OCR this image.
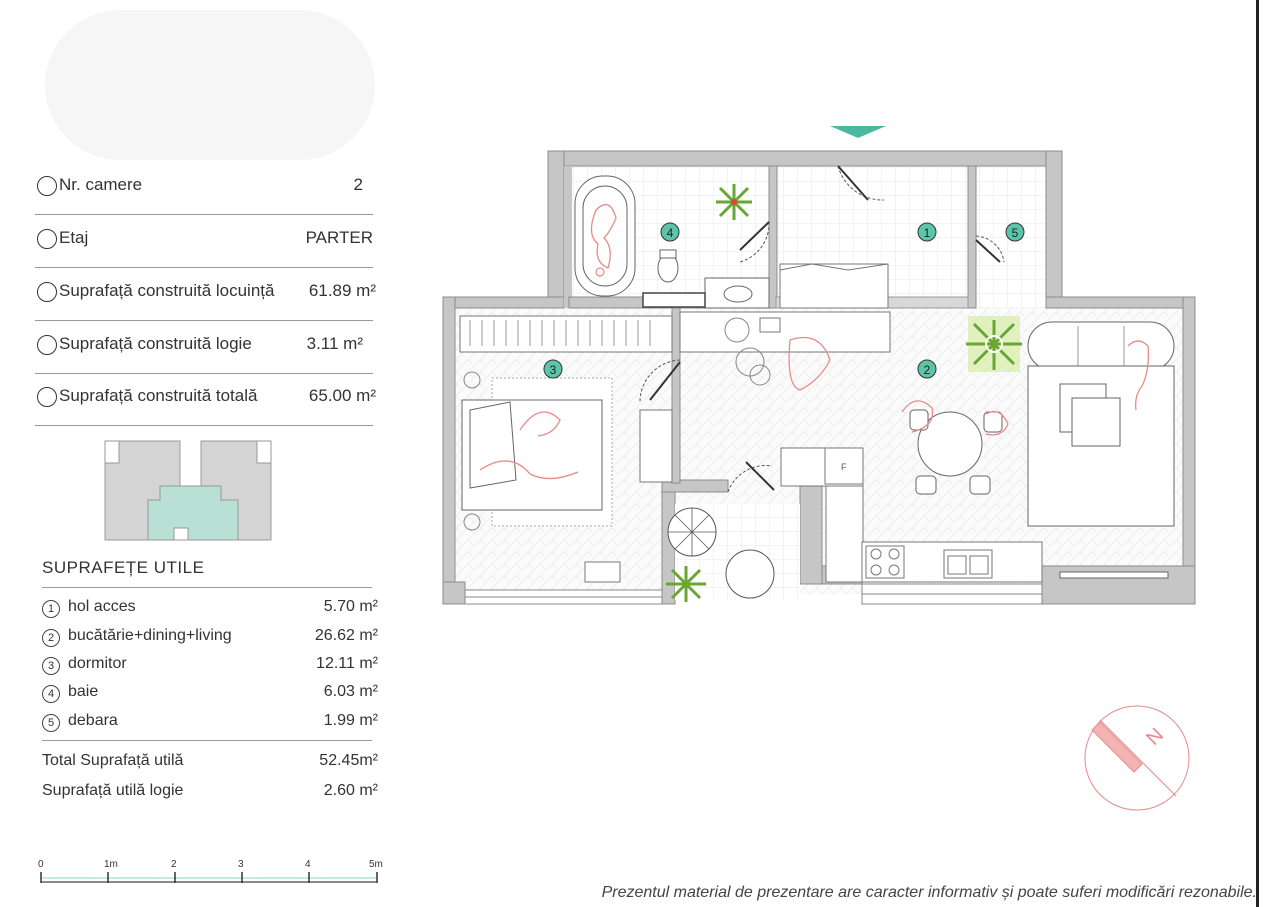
Nr. camere	2
Etaj	PARTER
Suprafață construită locuință 61.89 m²
Suprafață construită logie	3.11 m²
Suprafață construită totală	65.00 m²
SUPRAFEȚE UTILE
1 hol acces	5.70 m²
2 bucătărie+dining+living	26.62 m²
3 dormitor	12.11 m²
4 baie	6.03 m²
5 debara	1.99 m²
Total Suprafață utilă	52.45m²
Suprafață utilă logie	2.60 m²
0	1m	2	3	4	5m
F
1
2
3
4	5
N
Prezentul material de prezentare are caracter informativ și poate suferi modificări rezonabile.
